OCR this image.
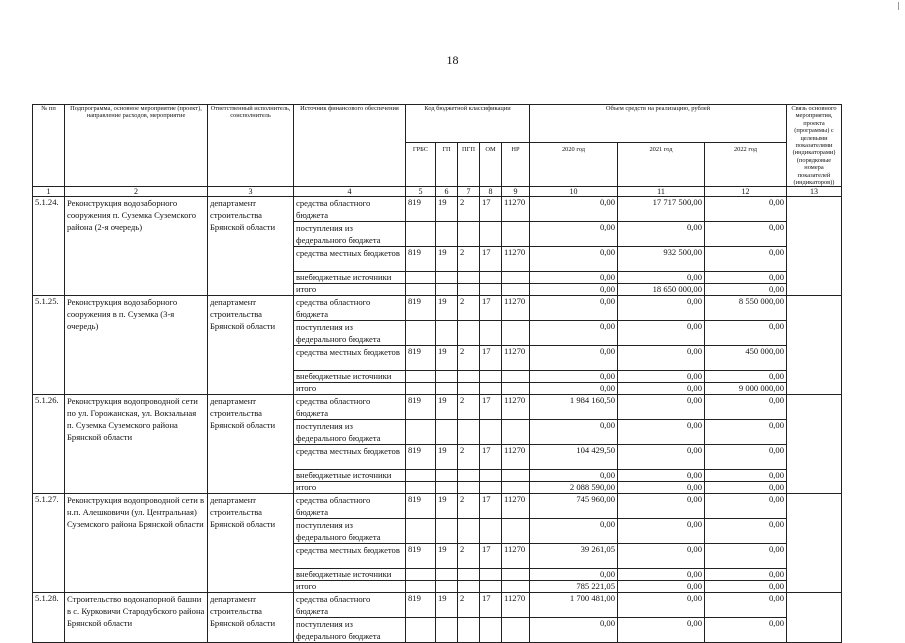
18
№ пп	Подпрограмма, основное мероприятие (проект), направление расходов, мероприятие	Ответственный исполнитель, соисполнитель	Источник финансового обеспечения	Код бюджетной классификации					Объем средств на реализацию, рублей			Связь основного мероприятия, проекта (программы) с целевыми показателями (индикаторами) (порядковые номера показателей (индикаторов))
				ГРБС	ГП	ПГП	ОМ	НР	2020 год	2021 год	2022 год	
1	2	3	4	5	6	7	8	9	10	11	12	13
5.1.24.	Реконструкция водозаборного сооружения п. Суземка Суземского района (2-я очередь)	департамент строительства Брянской области	средства областного бюджета	819	19	2	17	11270	0,00	17 717 500,00	0,00	
			поступления из федерального бюджета						0,00	0,00	0,00	
			средства местных бюджетов	819	19	2	17	11270	0,00	932 500,00	0,00	
			внебюджетные источники						0,00	0,00	0,00	
			итого						0,00	18 650 000,00	0,00	
5.1.25.	Реконструкция водозаборного сооружения в п. Суземка (3-я очередь)	департамент строительства Брянской области	средства областного бюджета	819	19	2	17	11270	0,00	0,00	8 550 000,00	
			поступления из федерального бюджета						0,00	0,00	0,00	
			средства местных бюджетов	819	19	2	17	11270	0,00	0,00	450 000,00	
			внебюджетные источники						0,00	0,00	0,00	
			итого						0,00	0,00	9 000 000,00	
5.1.26.	Реконструкция водопроводной сети по ул. Горожанская, ул. Вокзальная п. Суземка Суземского района Брянской области	департамент строительства Брянской области	средства областного бюджета	819	19	2	17	11270	1 984 160,50	0,00	0,00	
			поступления из федерального бюджета						0,00	0,00	0,00	
			средства местных бюджетов	819	19	2	17	11270	104 429,50	0,00	0,00	
			внебюджетные источники						0,00	0,00	0,00	
			итого						2 088 590,00	0,00	0,00	
5.1.27.	Реконструкция водопроводной сети в н.п. Алешковичи (ул. Центральная) Суземского района Брянской области	департамент строительства Брянской области	средства областного бюджета	819	19	2	17	11270	745 960,00	0,00	0,00	
			поступления из федерального бюджета						0,00	0,00	0,00	
			средства местных бюджетов	819	19	2	17	11270	39 261,05	0,00	0,00	
			внебюджетные источники						0,00	0,00	0,00	
			итого						785 221,05	0,00	0,00	
5.1.28.	Строительство водонапорной башни в с. Курковичи Стародубского района Брянской области	департамент строительства Брянской области	средства областного бюджета	819	19	2	17	11270	1 700 481,00	0,00	0,00	
			поступления из федерального бюджета						0,00	0,00	0,00	
